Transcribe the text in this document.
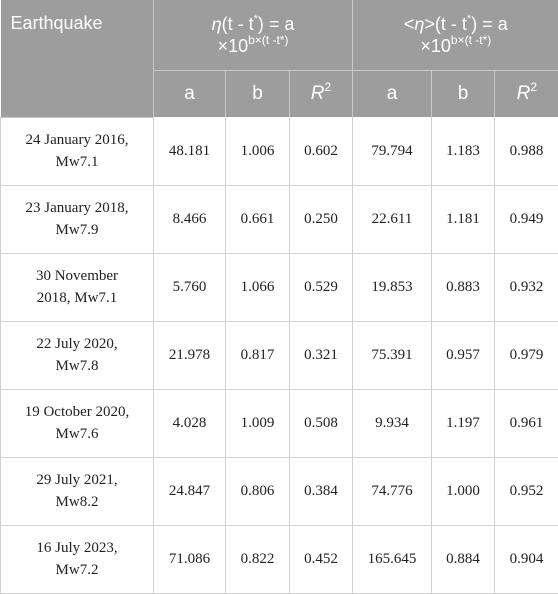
Earthquake	η(t - t*) = a
$\times 10^{b\times(t -t*)}$			<η>(t - t*) = a
$\times 10^{b\times(t -t*)}$

	a	b	$R^2$	a	b	$R^2$

24 January 2016,
Mw7.1	48.181	1.006	0.602	79.794	1.183	0.988

23 January 2018,
Mw7.9	8.466	0.661	0.250	22.611	1.181	0.949

30 November
2018, Mw7.1	5.760	1.066	0.529	19.853	0.883	0.932

22 July 2020,
Mw7.8	21.978	0.817	0.321	75.391	0.957	0.979

19 October 2020,
Mw7.6	4.028	1.009	0.508	9.934	1.197	0.961

29 July 2021,
Mw8.2	24.847	0.806	0.384	74.776	1.000	0.952

16 July 2023,
Mw7.2	71.086	0.822	0.452	165.645	0.884	0.904
